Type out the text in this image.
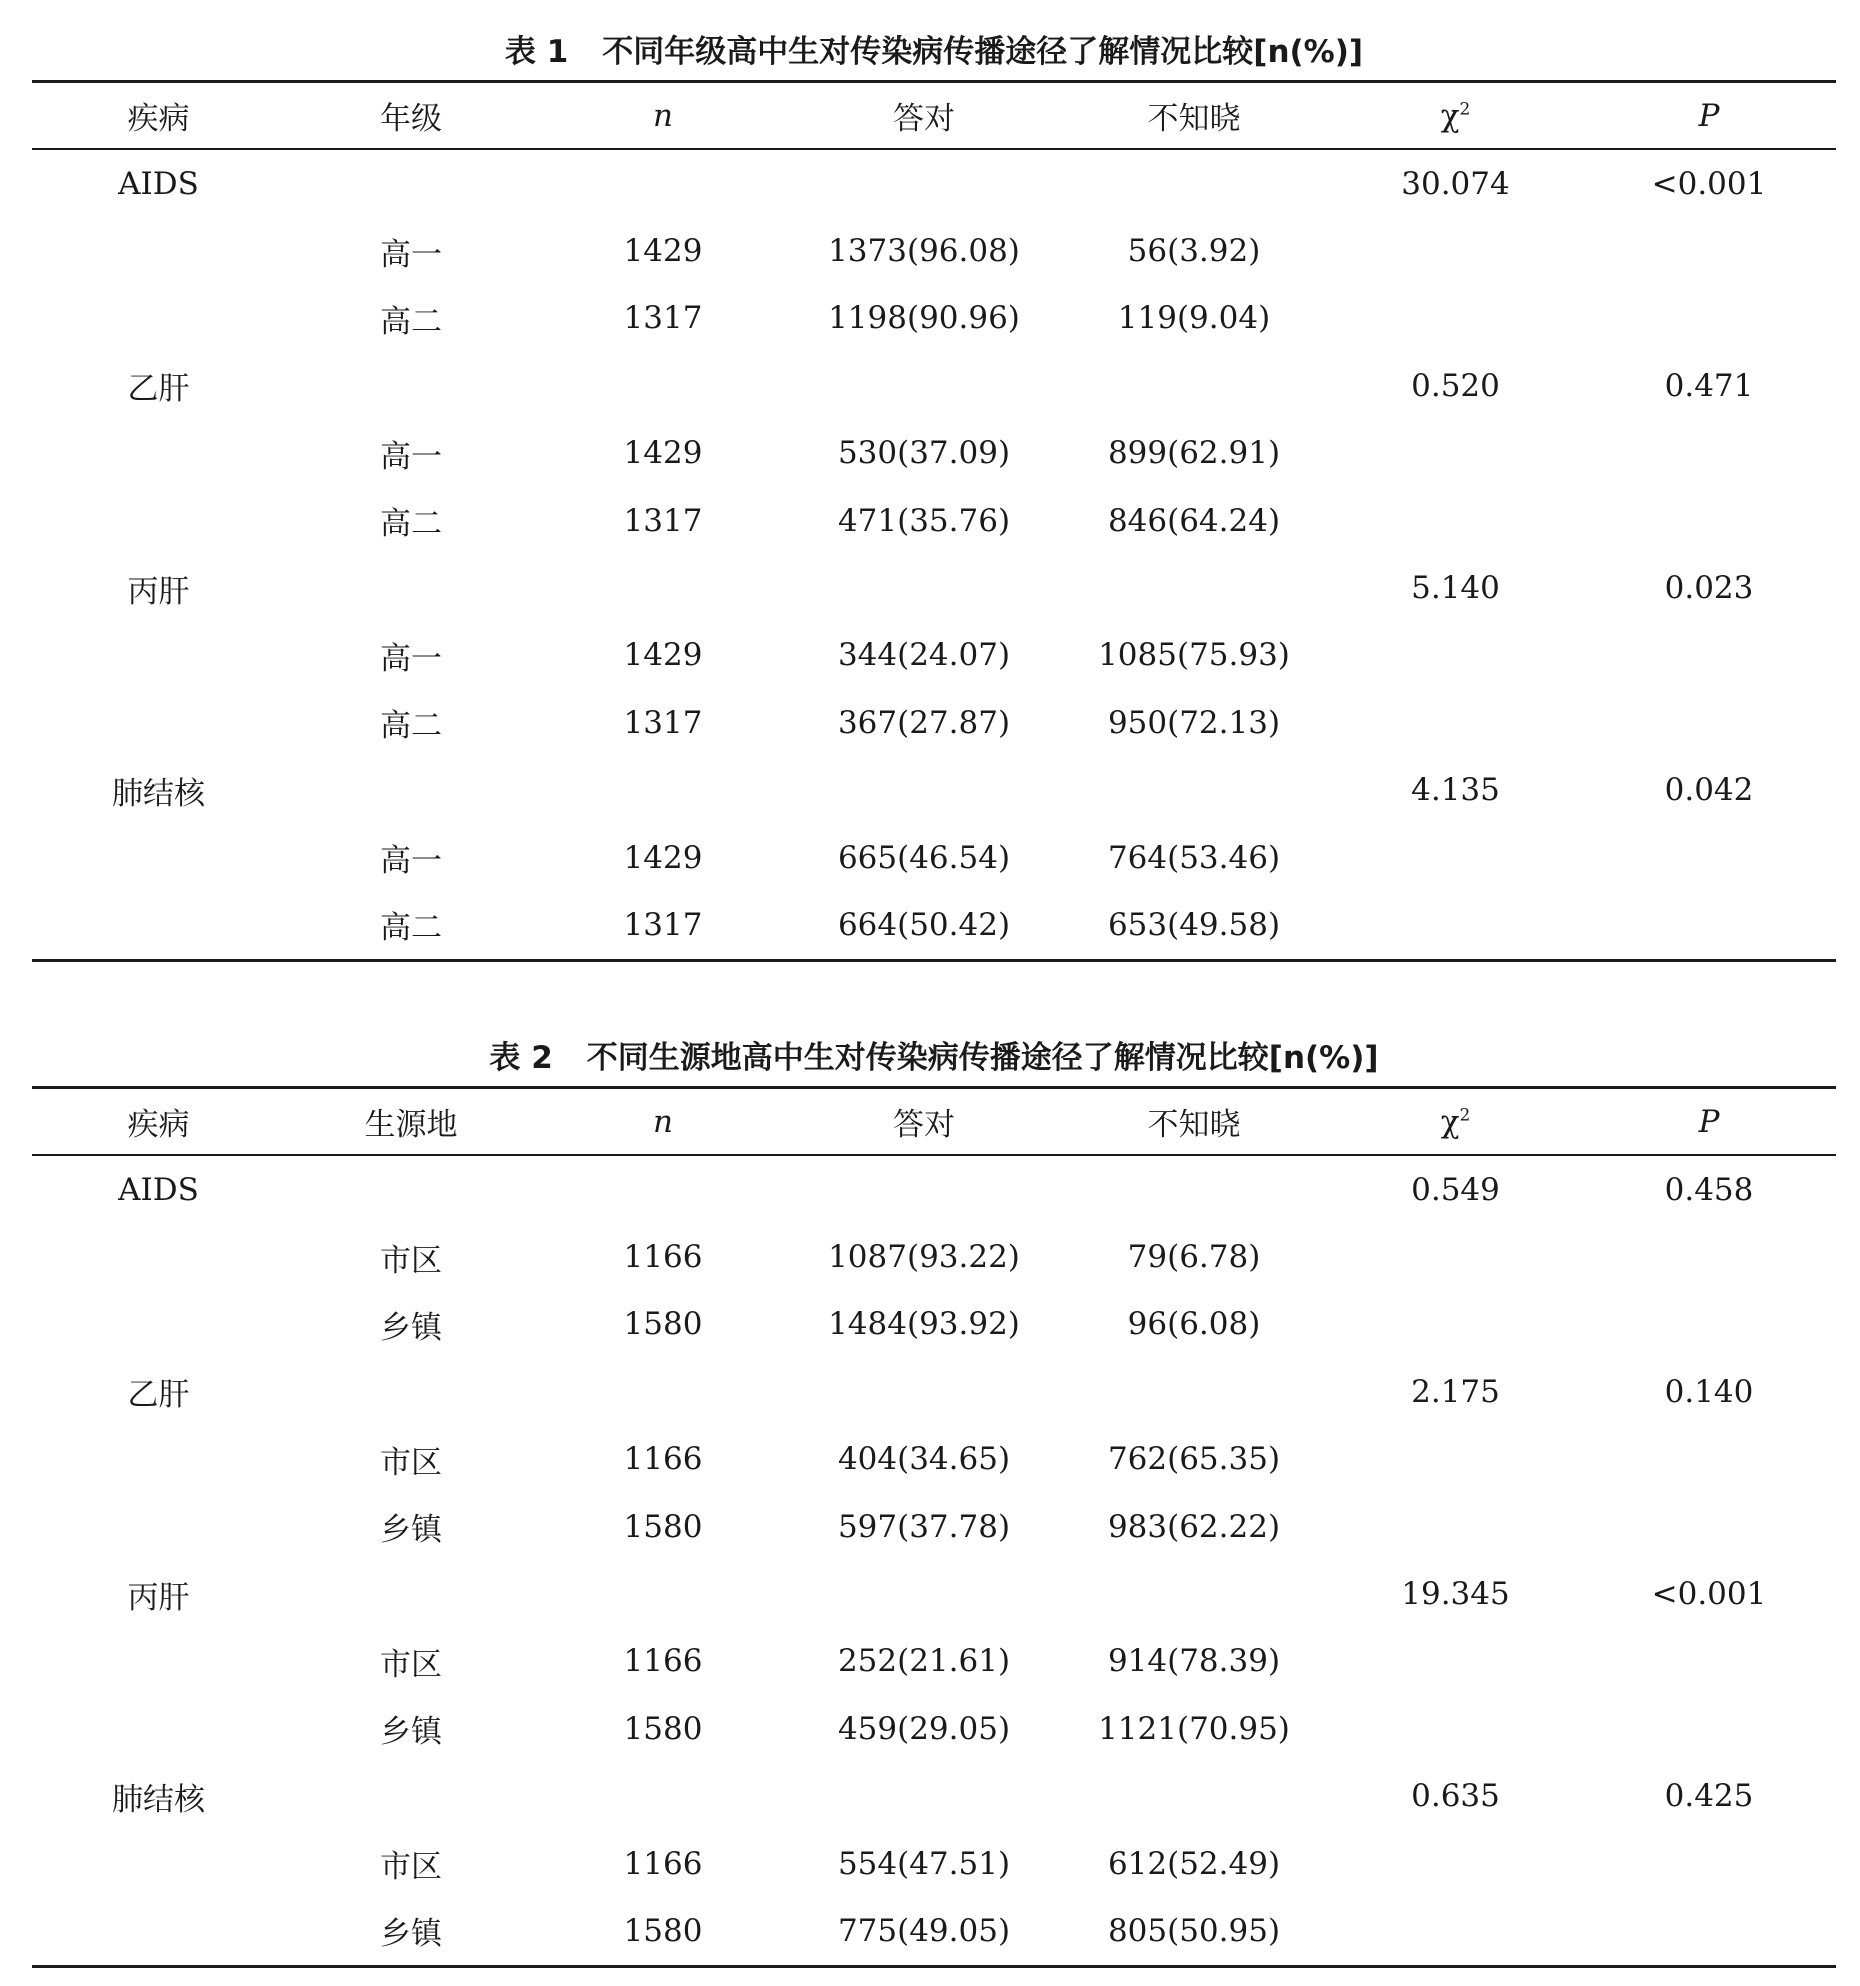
表 1 不同年级高中生对传染病传播途径了解情况比较[n(%)]
疾病	年级	n	答对	不知晓	$\chi^2$	P
AIDS					30.074	<0.001
	高一	1429	1373(96.08)	56(3.92)		
	高二	1317	1198(90.96)	119(9.04)		
乙肝					0.520	0.471
	高一	1429	530(37.09)	899(62.91)		
	高二	1317	471(35.76)	846(64.24)		
丙肝					5.140	0.023
	高一	1429	344(24.07)	1085(75.93)		
	高二	1317	367(27.87)	950(72.13)		
肺结核					4.135	0.042
	高一	1429	665(46.54)	764(53.46)		
	高二	1317	664(50.42)	653(49.58)		
表 2 不同生源地高中生对传染病传播途径了解情况比较[n(%)]
疾病	生源地	n	答对	不知晓	$\chi^2$	P
AIDS					0.549	0.458
	市区	1166	1087(93.22)	79(6.78)		
	乡镇	1580	1484(93.92)	96(6.08)		
乙肝					2.175	0.140
	市区	1166	404(34.65)	762(65.35)		
	乡镇	1580	597(37.78)	983(62.22)		
丙肝					19.345	<0.001
	市区	1166	252(21.61)	914(78.39)		
	乡镇	1580	459(29.05)	1121(70.95)		
肺结核					0.635	0.425
	市区	1166	554(47.51)	612(52.49)		
	乡镇	1580	775(49.05)	805(50.95)		
